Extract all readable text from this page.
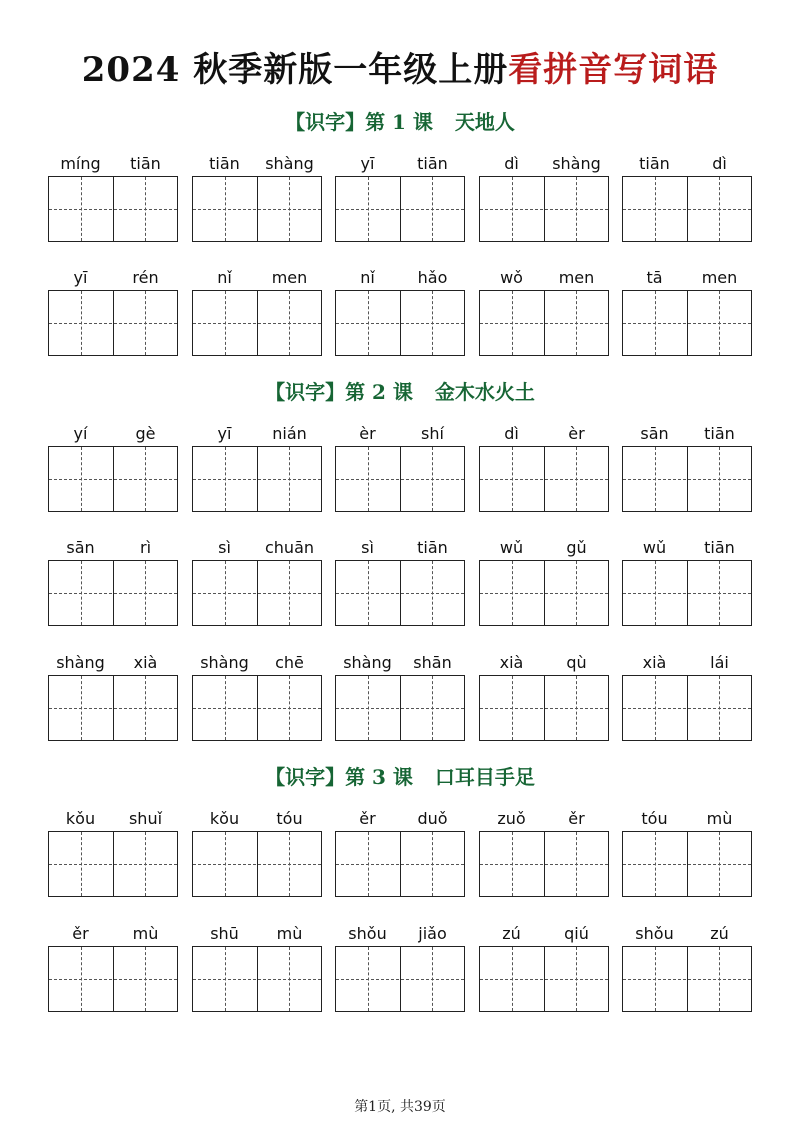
2024 秋季新版一年级上册看拼音写词语
【识字】第 1 课 天地人
míng	tiān	tiān	shàng	yī	tiān	dì	shàng	tiān	dì
yī	rén	nǐ	men	nǐ	hǎo	wǒ	men	tā	men
【识字】第 2 课 金木水火土
yí	gè	yī	nián	èr	shí	dì	èr	sān	tiān
sān	rì	sì	chuān	sì	tiān	wǔ	gǔ	wǔ	tiān
shàng	xià	shàng	chē	shàng	shān	xià	qù	xià	lái
【识字】第 3 课 口耳目手足
kǒu	shuǐ	kǒu	tóu	ěr	duǒ	zuǒ	ěr	tóu	mù
ěr	mù	shū	mù	shǒu	jiǎo	zú	qiú	shǒu	zú
第1页, 共39页
